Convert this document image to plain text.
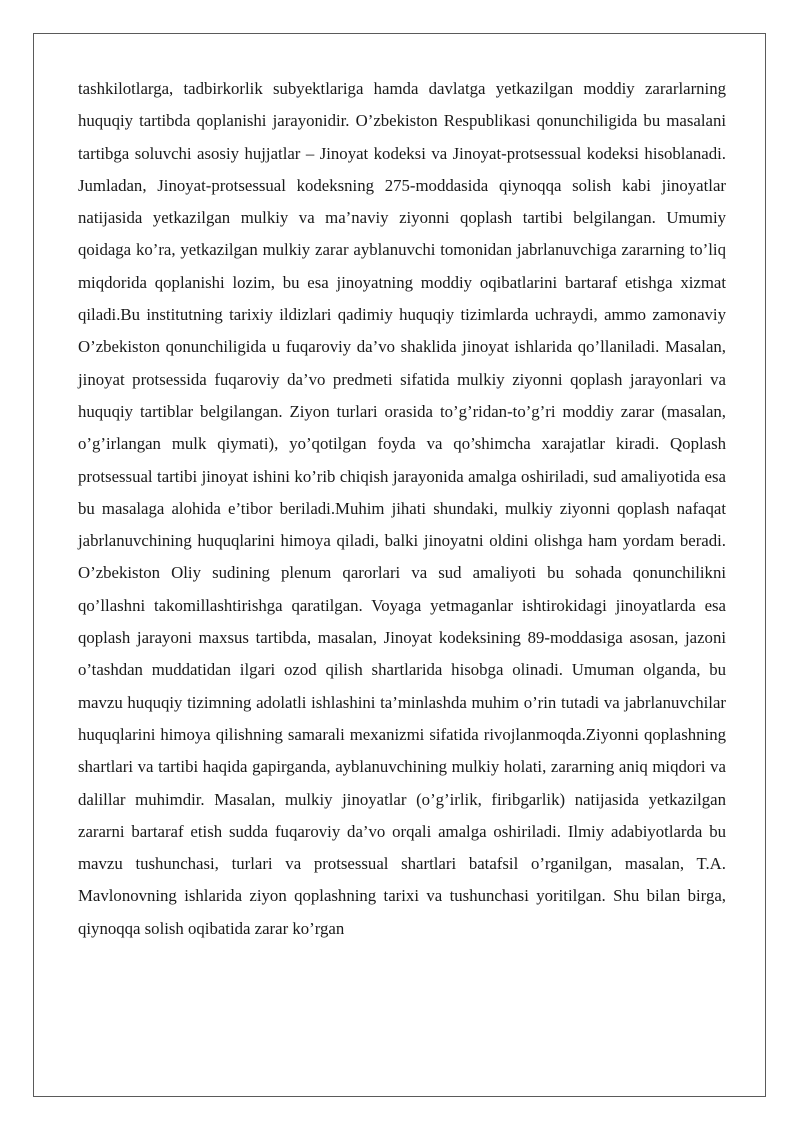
tashkilotlarga, tadbirkorlik subyektlariga hamda davlatga yetkazilgan moddiy zararlarning huquqiy tartibda qoplanishi jarayonidir. O’zbekiston Respublikasi qonunchiligida bu masalani tartibga soluvchi asosiy hujjatlar – Jinoyat kodeksi va Jinoyat-protsessual kodeksi hisoblanadi. Jumladan, Jinoyat-protsessual kodeksning 275-moddasida qiynoqqa solish kabi jinoyatlar natijasida yetkazilgan mulkiy va ma’naviy ziyonni qoplash tartibi belgilangan. Umumiy qoidaga ko’ra, yetkazilgan mulkiy zarar ayblanuvchi tomonidan jabrlanuvchiga zararning to’liq miqdorida qoplanishi lozim, bu esa jinoyatning moddiy oqibatlarini bartaraf etishga xizmat qiladi.Bu institutning tarixiy ildizlari qadimiy huquqiy tizimlarda uchraydi, ammo zamonaviy O’zbekiston qonunchiligida u fuqaroviy da’vo shaklida jinoyat ishlarida qo’llaniladi. Masalan, jinoyat protsessida fuqaroviy da’vo predmeti sifatida mulkiy ziyonni qoplash jarayonlari va huquqiy tartiblar belgilangan. Ziyon turlari orasida to’g’ridan-to’g’ri moddiy zarar (masalan, o’g’irlangan mulk qiymati), yo’qotilgan foyda va qo’shimcha xarajatlar kiradi. Qoplash protsessual tartibi jinoyat ishini ko’rib chiqish jarayonida amalga oshiriladi, sud amaliyotida esa bu masalaga alohida e’tibor beriladi.Muhim jihati shundaki, mulkiy ziyonni qoplash nafaqat jabrlanuvchining huquqlarini himoya qiladi, balki jinoyatni oldini olishga ham yordam beradi. O’zbekiston Oliy sudining plenum qarorlari va sud amaliyoti bu sohada qonunchilikni qo’llashni takomillashtirishga qaratilgan. Voyaga yetmaganlar ishtirokidagi jinoyatlarda esa qoplash jarayoni maxsus tartibda, masalan, Jinoyat kodeksining 89-moddasiga asosan, jazoni o’tashdan muddatidan ilgari ozod qilish shartlarida hisobga olinadi. Umuman olganda, bu mavzu huquqiy tizimning adolatli ishlashini ta’minlashda muhim o’rin tutadi va jabrlanuvchilar huquqlarini himoya qilishning samarali mexanizmi sifatida rivojlanmoqda.Ziyonni qoplashning shartlari va tartibi haqida gapirganda, ayblanuvchining mulkiy holati, zararning aniq miqdori va dalillar muhimdir. Masalan, mulkiy jinoyatlar (o’g’irlik, firibgarlik) natijasida yetkazilgan zararni bartaraf etish sudda fuqaroviy da’vo orqali amalga oshiriladi. Ilmiy adabiyotlarda bu mavzu tushunchasi, turlari va protsessual shartlari batafsil o’rganilgan, masalan, T.A. Mavlonovning ishlarida ziyon qoplashning tarixi va tushunchasi yoritilgan. Shu bilan birga, qiynoqqa solish oqibatida zarar ko’rgan
